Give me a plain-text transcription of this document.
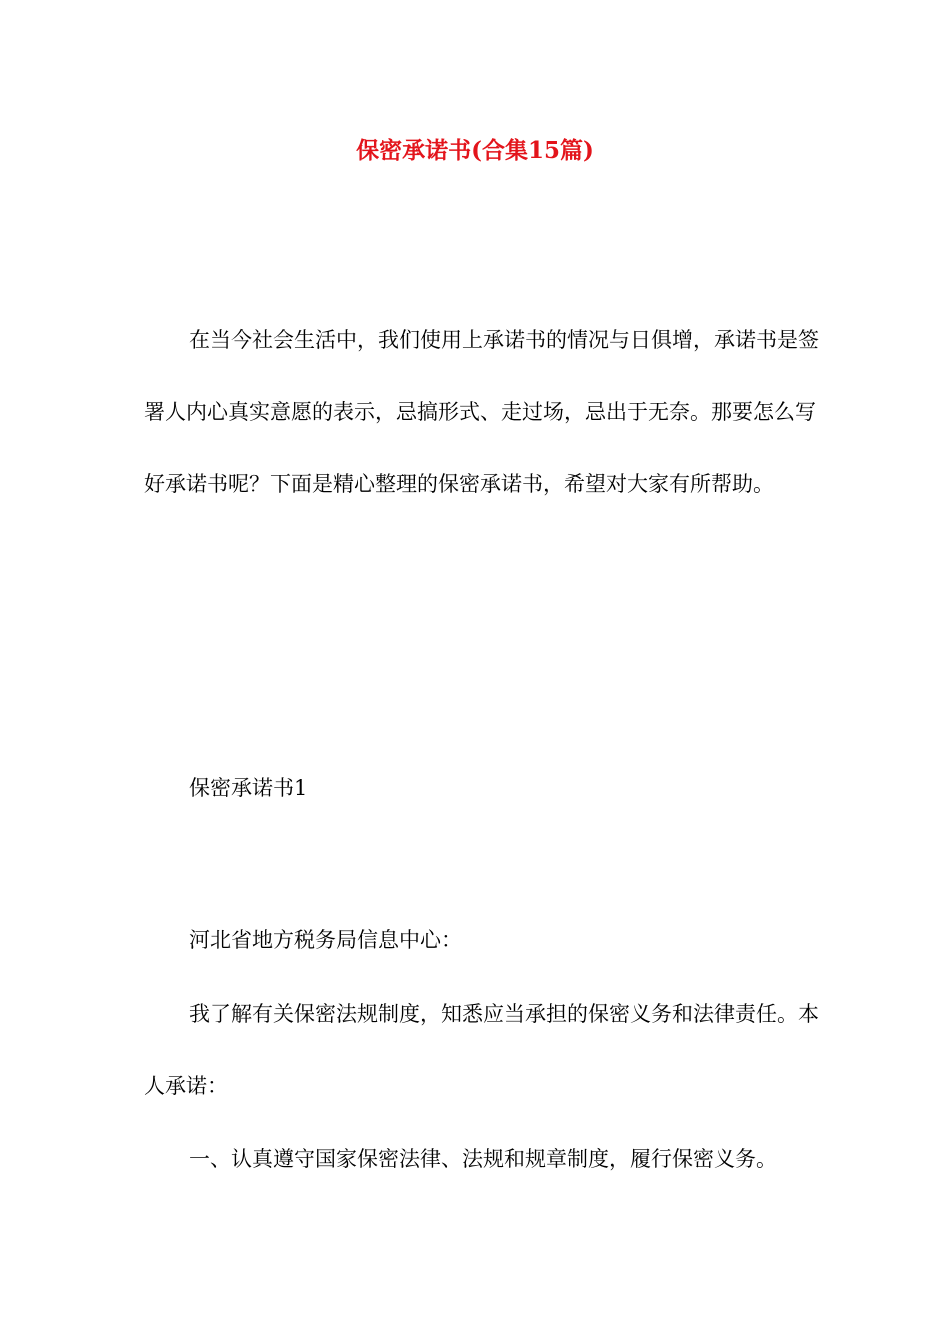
保密承诺书(合集15篇)

在当今社会生活中，我们使用上承诺书的情况与日俱增，承诺书是签署人内心真实意愿的表示，忌搞形式、走过场，忌出于无奈。那要怎么写好承诺书呢？下面是精心整理的保密承诺书，希望对大家有所帮助。

保密承诺书1

河北省地方税务局信息中心：

我了解有关保密法规制度，知悉应当承担的保密义务和法律责任。本人承诺：

一、认真遵守国家保密法律、法规和规章制度，履行保密义务。
